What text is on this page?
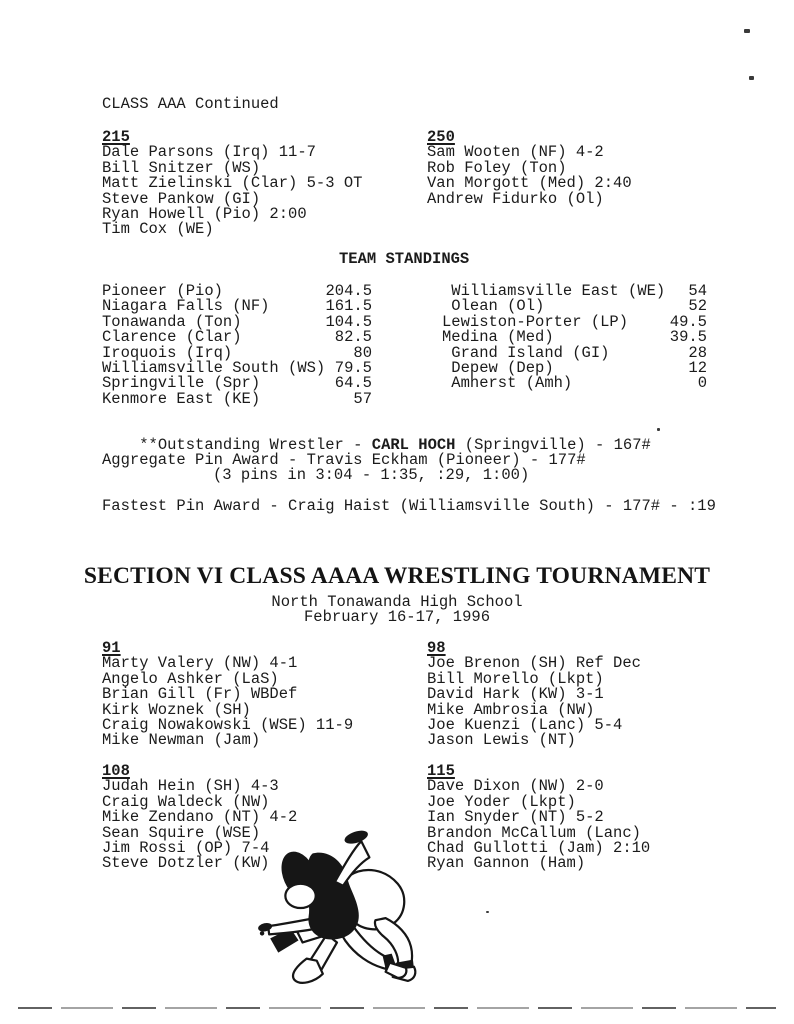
CLASS AAA Continued
215
Dale Parsons (Irq) 11-7
Bill Snitzer (WS)
Matt Zielinski (Clar) 5-3 OT
Steve Pankow (GI)
Ryan Howell (Pio) 2:00
Tim Cox (WE)
250
Sam Wooten (NF) 4-2
Rob Foley (Ton)
Van Morgott (Med) 2:40
Andrew Fidurko (Ol)
TEAM STANDINGS
Pioneer (Pio)	204.5
Niagara Falls (NF)	161.5
Tonawanda (Ton)	104.5
Clarence (Clar)	82.5
Iroquois (Irq)	80
Williamsville South (WS) 79.5
Springville (Spr)	64.5
Kenmore East (KE)	57
Williamsville East (WE) 54
Olean (Ol)	52
Lewiston-Porter (LP)	49.5
Medina (Med)	39.5
Grand Island (GI)	28
Depew (Dep)	12
Amherst (Amh)	0

**Outstanding Wrestler - CARL HOCH (Springville) - 167#

Aggregate Pin Award - Travis Eckham (Pioneer) - 177#
(3 pins in 3:04 - 1:35, :29, 1:00)
Fastest Pin Award - Craig Haist (Williamsville South) - 177# - :19
SECTION VI CLASS AAAA WRESTLING TOURNAMENT
North Tonawanda High School
February 16-17, 1996
91
Marty Valery (NW) 4-1
Angelo Ashker (LaS)
Brian Gill (Fr) WBDef
Kirk Woznek (SH)
Craig Nowakowski (WSE) 11-9
Mike Newman (Jam)
98
Joe Brenon (SH) Ref Dec
Bill Morello (Lkpt)
David Hark (KW) 3-1
Mike Ambrosia (NW)
Joe Kuenzi (Lanc) 5-4
Jason Lewis (NT)
108
Judah Hein (SH) 4-3
Craig Waldeck (NW)
Mike Zendano (NT) 4-2
Sean Squire (WSE)
Jim Rossi (OP) 7-4
Steve Dotzler (KW)
115
Dave Dixon (NW) 2-0
Joe Yoder (Lkpt)
Ian Snyder (NT) 5-2
Brandon McCallum (Lanc)
Chad Gullotti (Jam) 2:10
Ryan Gannon (Ham)
